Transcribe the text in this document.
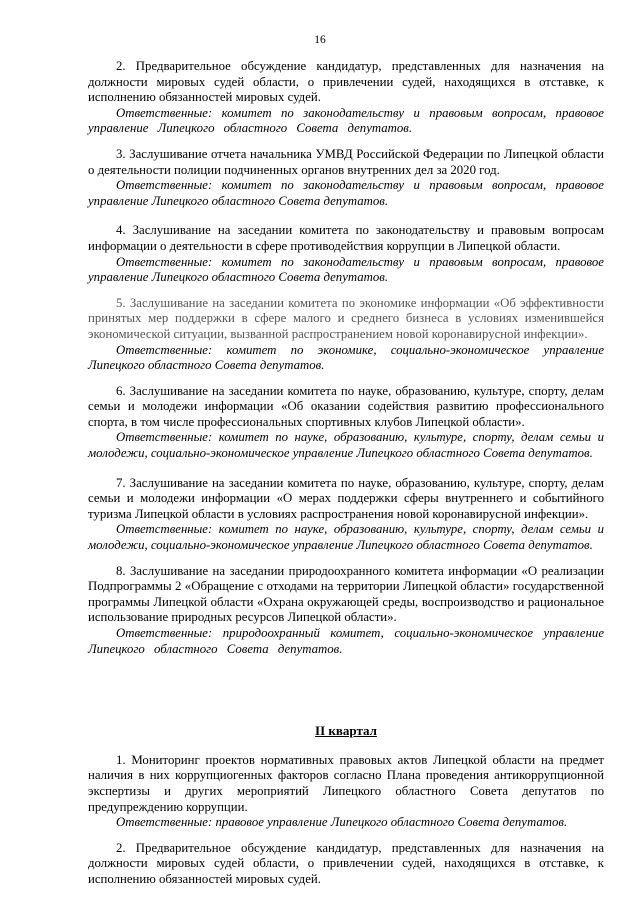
16

2. Предварительное обсуждение кандидатур, представленных для назначения на должности мировых судей области, о привлечении судей, находящихся в отставке, к исполнению обязанностей мировых судей.

Ответственные: комитет по законодательству и правовым вопросам, правовое управление Липецкого областного Совета депутатов.

3. Заслушивание отчета начальника УМВД Российской Федерации по Липецкой области о деятельности полиции подчиненных органов внутренних дел за 2020 год.

Ответственные: комитет по законодательству и правовым вопросам, правовое управление Липецкого областного Совета депутатов.

4. Заслушивание на заседании комитета по законодательству и правовым вопросам информации о деятельности в сфере противодействия коррупции в Липецкой области.

Ответственные: комитет по законодательству и правовым вопросам, правовое управление Липецкого областного Совета депутатов.

5. Заслушивание на заседании комитета по экономике информации «Об эффективности принятых мер поддержки в сфере малого и среднего бизнеса в условиях изменившейся экономической ситуации, вызванной распространением новой коронавирусной инфекции».

Ответственные: комитет по экономике, социально-экономическое управление Липецкого областного Совета депутатов.

6. Заслушивание на заседании комитета по науке, образованию, культуре, спорту, делам семьи и молодежи информации «Об оказании содействия развитию профессионального спорта, в том числе профессиональных спортивных клубов Липецкой области».

Ответственные: комитет по науке, образованию, культуре, спорту, делам семьи и молодежи, социально-экономическое управление Липецкого областного Совета депутатов.

7. Заслушивание на заседании комитета по науке, образованию, культуре, спорту, делам семьи и молодежи информации «О мерах поддержки сферы внутреннего и событийного туризма Липецкой области в условиях распространения новой коронавирусной инфекции».

Ответственные: комитет по науке, образованию, культуре, спорту, делам семьи и молодежи, социально-экономическое управление Липецкого областного Совета депутатов.

8. Заслушивание на заседании природоохранного комитета информации «О реализации Подпрограммы 2 «Обращение с отходами на территории Липецкой области» государственной программы Липецкой области «Охрана окружающей среды, воспроизводство и рациональное использование природных ресурсов Липецкой области».

Ответственные: природоохранный комитет, социально-экономическое управление Липецкого областного Совета депутатов.

II квартал

1. Мониторинг проектов нормативных правовых актов Липецкой области на предмет наличия в них коррупциогенных факторов согласно Плана проведения антикоррупционной экспертизы и других мероприятий Липецкого областного Совета депутатов по предупреждению коррупции.

Ответственные: правовое управление Липецкого областного Совета депутатов.

2. Предварительное обсуждение кандидатур, представленных для назначения на должности мировых судей области, о привлечении судей, находящихся в отставке, к исполнению обязанностей мировых судей.
